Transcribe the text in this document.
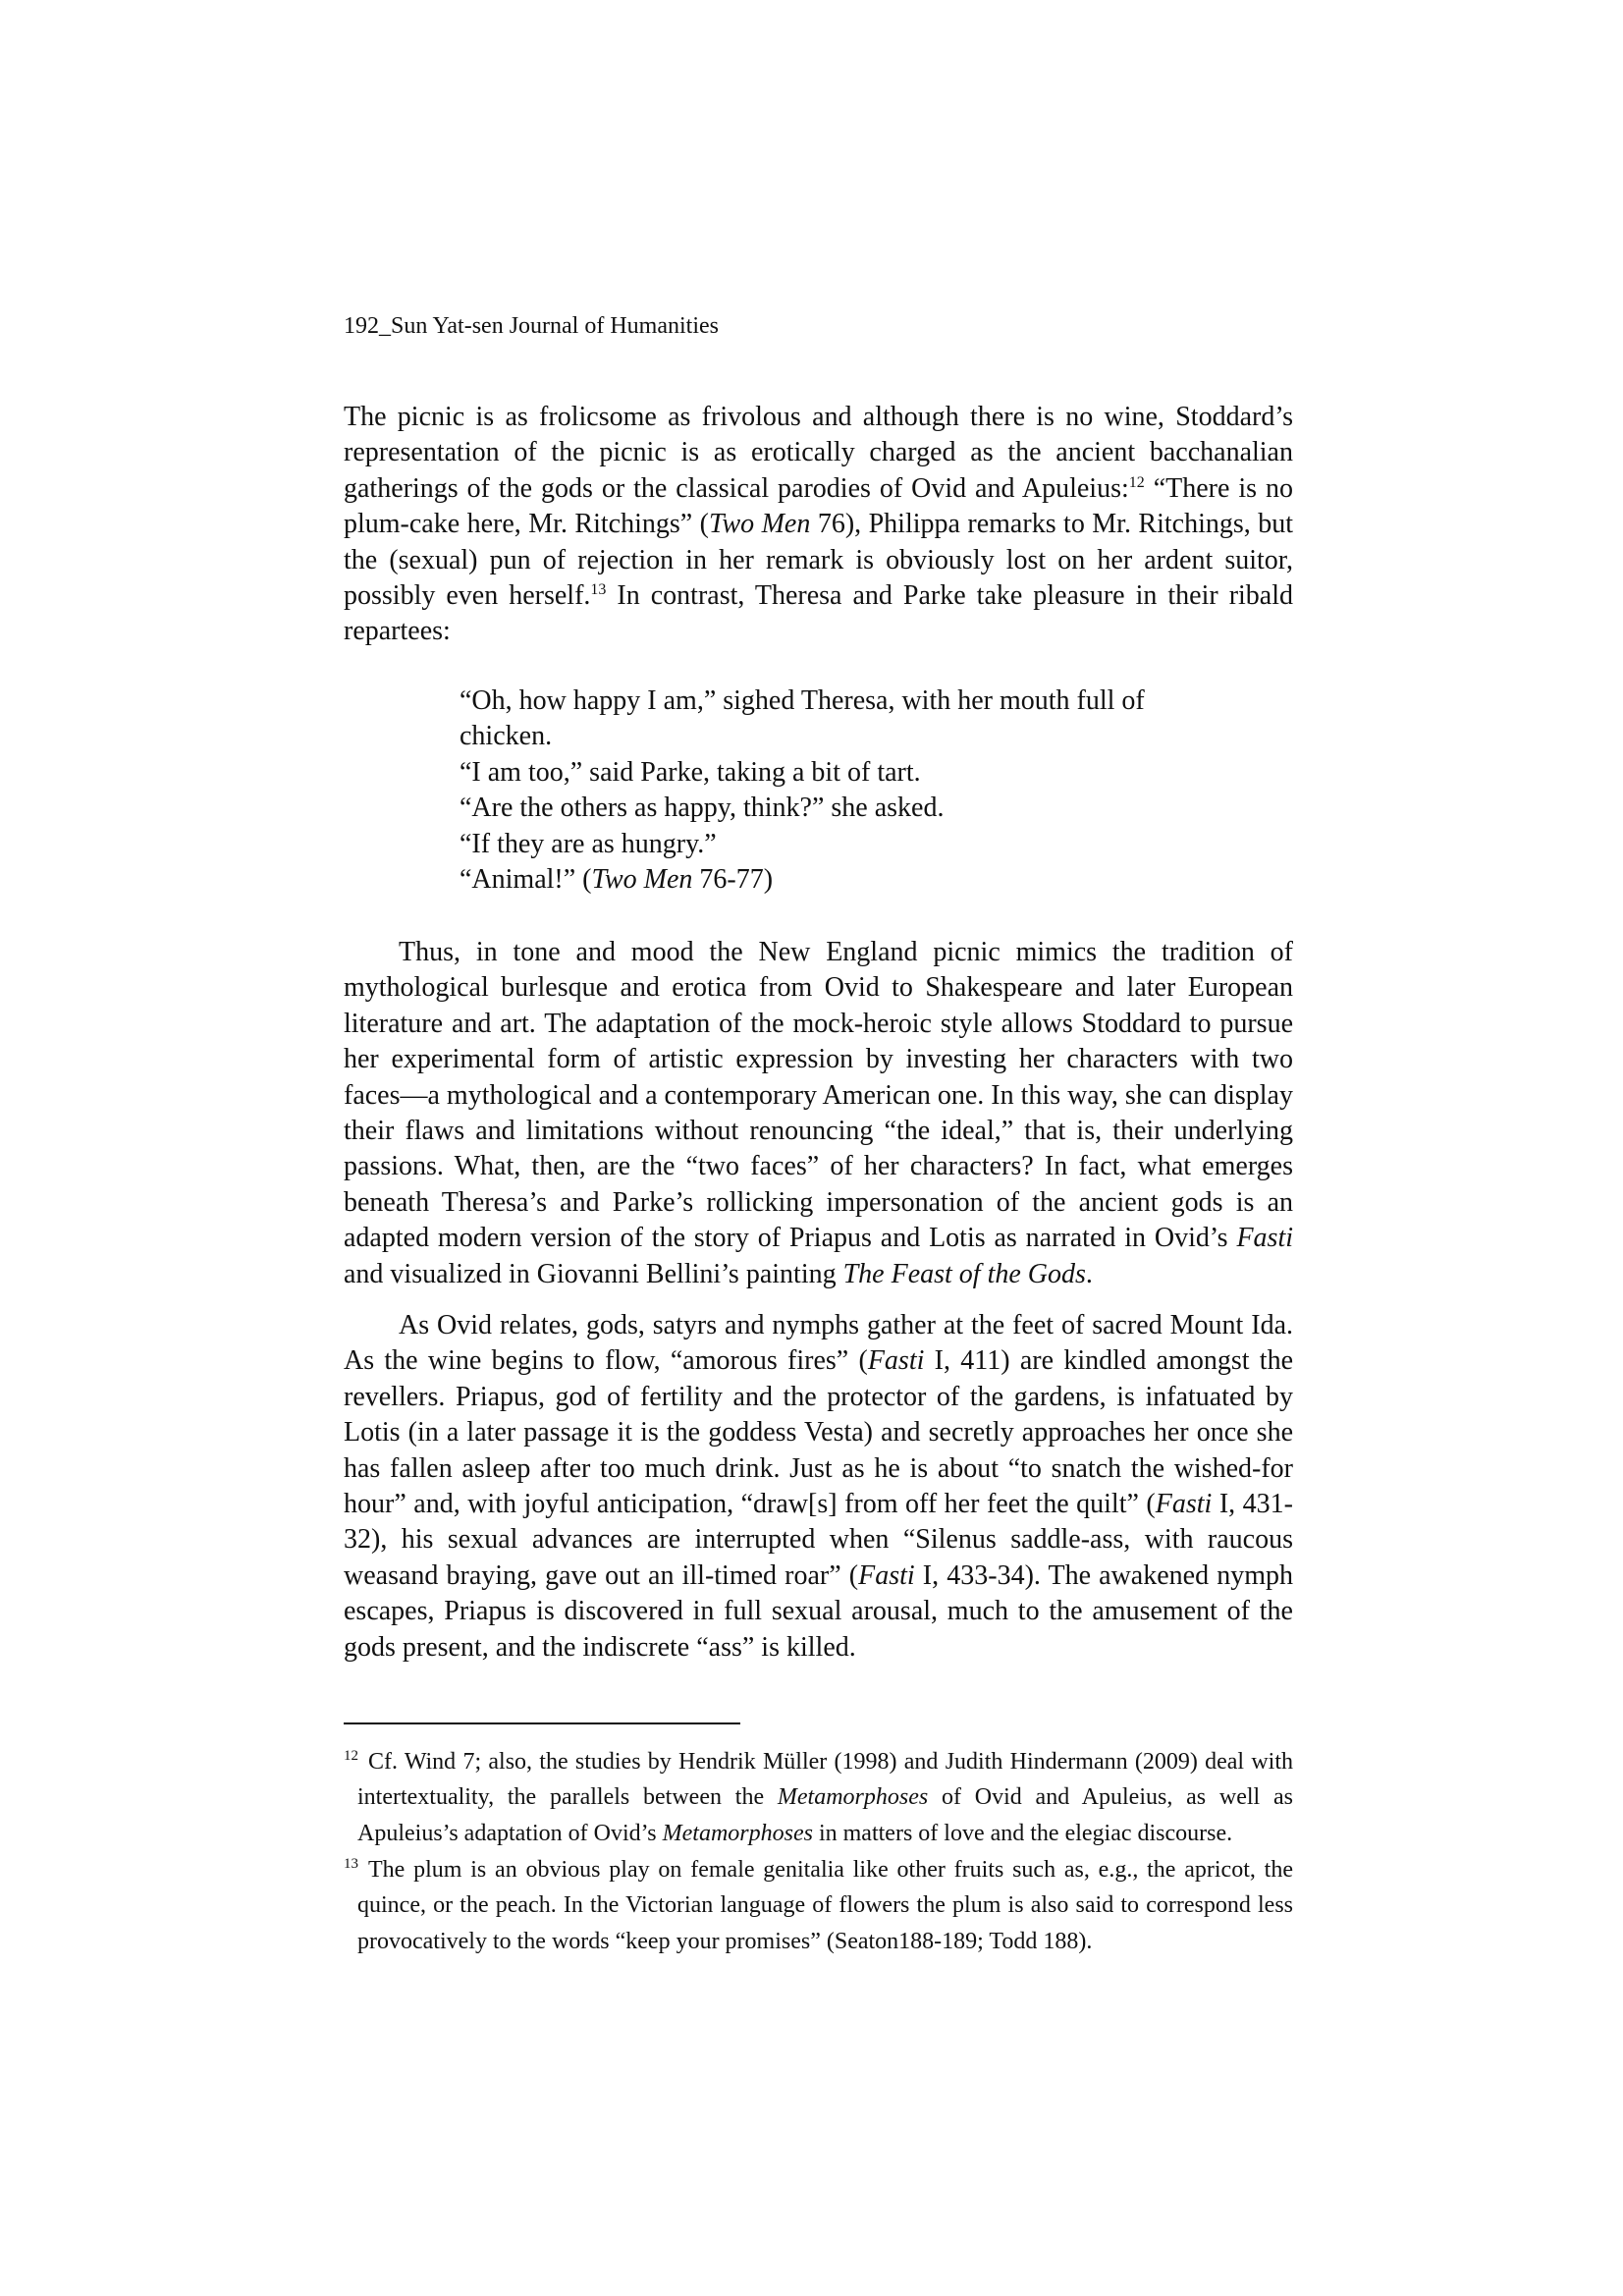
192_Sun Yat-sen Journal of Humanities

The picnic is as frolicsome as frivolous and although there is no wine, Stoddard’s representation of the picnic is as erotically charged as the ancient bacchanalian gatherings of the gods or the classical parodies of Ovid and Apuleius:$^{12}$ “There is no plum-cake here, Mr. Ritchings” (Two Men 76), Philippa remarks to Mr. Ritchings, but the (sexual) pun of rejection in her remark is obviously lost on her ardent suitor, possibly even herself.$^{13}$ In contrast, Theresa and Parke take pleasure in their ribald repartees:

“Oh, how happy I am,” sighed Theresa, with her mouth full of chicken.
“I am too,” said Parke, taking a bit of tart.
“Are the others as happy, think?” she asked.
“If they are as hungry.”
“Animal!” (Two Men 76-77)

Thus, in tone and mood the New England picnic mimics the tradition of mythological burlesque and erotica from Ovid to Shakespeare and later European literature and art. The adaptation of the mock-heroic style allows Stoddard to pursue her experimental form of artistic expression by investing her characters with two faces—a mythological and a contemporary American one. In this way, she can display their flaws and limitations without renouncing “the ideal,” that is, their underlying passions. What, then, are the “two faces” of her characters? In fact, what emerges beneath Theresa’s and Parke’s rollicking impersonation of the ancient gods is an adapted modern version of the story of Priapus and Lotis as narrated in Ovid’s Fasti and visualized in Giovanni Bellini’s painting The Feast of the Gods.

As Ovid relates, gods, satyrs and nymphs gather at the feet of sacred Mount Ida. As the wine begins to flow, “amorous fires” (Fasti I, 411) are kindled amongst the revellers. Priapus, god of fertility and the protector of the gardens, is infatuated by Lotis (in a later passage it is the goddess Vesta) and secretly approaches her once she has fallen asleep after too much drink. Just as he is about “to snatch the wished-for hour” and, with joyful anticipation, “draw[s] from off her feet the quilt” (Fasti I, 431-32), his sexual advances are interrupted when “Silenus saddle-ass, with raucous weasand braying, gave out an ill-timed roar” (Fasti I, 433-34). The awakened nymph escapes, Priapus is discovered in full sexual arousal, much to the amusement of the gods present, and the indiscrete “ass” is killed.

$^{12}$ Cf. Wind 7; also, the studies by Hendrik Müller (1998) and Judith Hindermann (2009) deal with intertextuality, the parallels between the Metamorphoses of Ovid and Apuleius, as well as Apuleius’s adaptation of Ovid’s Metamorphoses in matters of love and the elegiac discourse.

$^{13}$ The plum is an obvious play on female genitalia like other fruits such as, e.g., the apricot, the quince, or the peach. In the Victorian language of flowers the plum is also said to correspond less provocatively to the words “keep your promises” (Seaton188-189; Todd 188).
